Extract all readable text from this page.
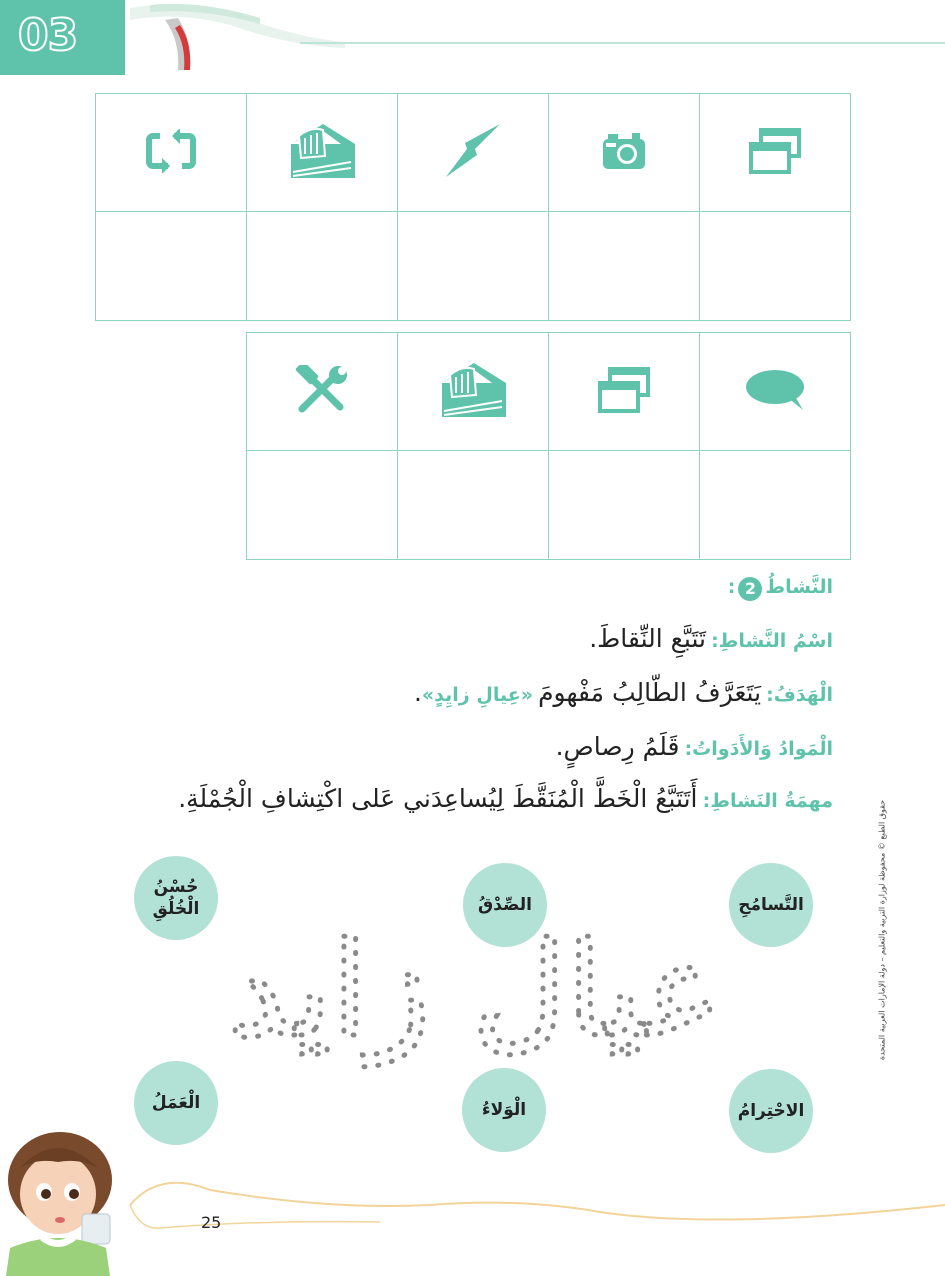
03

النَّشاطُ2:
اسْمُ النَّشاطِ: تَتَبَّعِ النِّقاطَ.
الْهَدَفُ: يَتَعَرَّفُ الطّالِبُ مَفْهومَ «عِيالِ زايِدٍ».
الْمَوادُ وَالأَدَواتُ: قَلَمُ رِصاصٍ.
مهمَةُ النَشاطِ: أَتَتَبَّعُ الْخَطَّ الْمُنَقَّطَ لِيُساعِدَني عَلى اكْتِشافِ الْجُمْلَةِ.
حُسْنُ الْخُلُقِ	الصِّدْقُ	التَّسامُحِ
الْعَمَلُ	الْوَلاءُ	الاحْتِرامُ
عيال زايد	حقوق الطبع © محفوظة لوزارة التربية والتعليم – دولة الإمارات العربية المتحدة
25
